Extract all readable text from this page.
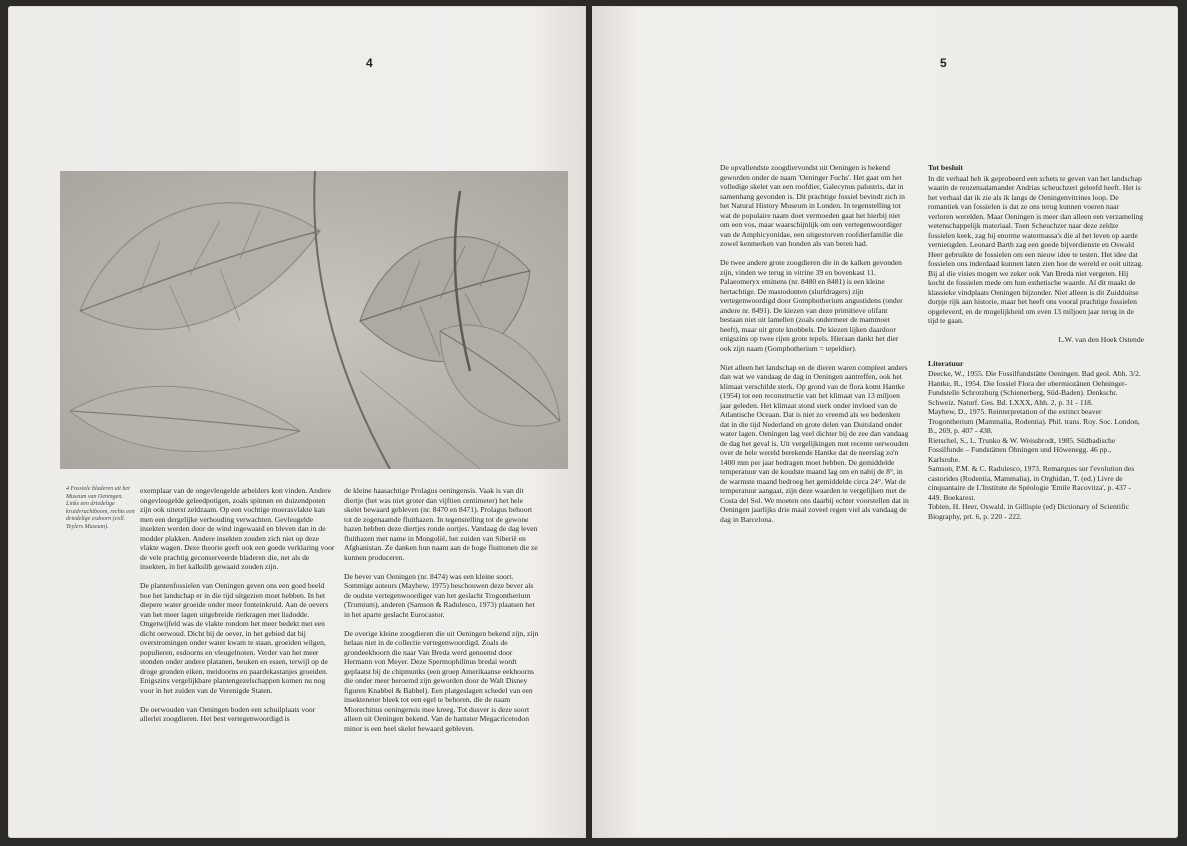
4
4 Fossiele bladeren uit het Museum van Oeningen. Links een driedelige kruidvruchtboom, rechts een driedelige esdoorn (coll. Teylers Museum).

exemplaar van de ongevleugelde arbeiders kon vinden. Andere ongevleugelde geleedpotigen, zoals spinnen en duizendpoten zijn ook uiterst zeldzaam. Op een vochtige moerasvlakte kan men een dergelijke verhouding verwachten. Gevleugelde insekten werden door de wind ingewaaid en bleven dan in de modder plakken. Andere insekten zouden zich niet op deze vlakte wagen. Deze theorie geeft ook een goede verklaring voor de vele prachtig geconserveerde bladeren die, net als de insekten, in het kalkslib gewaaid zouden zijn.

De plantenfossielen van Oeningen geven ons een goed beeld hoe het landschap er in die tijd uitgezien moet hebben. In het diepere water groeide onder meer fonteinkruid. Aan de oevers van het meer lagen uitgebreide rietkragen met lisdodde. Ongetwijfeld was de vlakte rondom het meer bedekt met een dicht oerwoud. Dicht bij de oever, in het gebied dat bij overstromingen onder water kwam te staan, groeiden wilgen, populieren, esdoorns en vleugelnoten. Verder van het meer stonden onder andere platanen, beuken en essen, terwijl op de droge gronden eiken, meidoorns en paardekastanjes groeiden. Enigszins vergelijkbare plantengezelschappen komen nu nog voor in het zuiden van de Verenigde Staten.

De oerwouden van Oeningen boden een schuilplaats voor allerlei zoogdieren. Het best vertegenwoordigd is

de kleine haasachtige Prolagus oeningensis. Vaak is van dit diertje (het was niet groter dan vijftien centimeter) het hele skelet bewaard gebleven (nr. 8470 en 8471). Prolagus behoort tot de zogenaamde fluithazen. In tegenstelling tot de gewone hazen hebben deze diertjes ronde oortjes. Vandaag de dag leven fluithazen met name in Mongolië, het zuiden van Siberië en Afghanistan. Ze danken hun naam aan de hoge fluittonen die ze kunnen produceren.

De bever van Oeningen (nr. 8474) was een kleine soort. Sommige auteurs (Mayhew, 1975) beschouwen deze bever als de oudste vertegenwoordiger van het geslacht Trogontherium (Trumium), anderen (Samson & Radulesco, 1973) plaatsen het in het aparte geslacht Eurocastor.

De overige kleine zoogdieren die uit Oeningen bekend zijn, zijn helaas niet in de collectie vertegenwoordigd. Zoals de grondeekhoorn die naar Van Breda werd genoemd door Hermann von Meyer. Deze Spermophilinus bredai wordt geplaatst bij de chipmunks (een groep Amerikaanse eekhoorns die onder meer beroemd zijn geworden door de Walt Disney figuren Knabbel & Babbel). Een platgeslagen schedel van een insekteneter bleek tot een egel te behoren, die de naam Miorechinus oeningensis mee kreeg. Tot dusver is deze soort alleen uit Oeningen bekend. Van de hamster Megacricetodon minor is een heel skelet bewaard gebleven.

5

De opvallendste zoogdiervondst uit Oeningen is bekend geworden onder de naam 'Oeninger Fuchs'. Het gaat om het volledige skelet van een roofdier, Galecynus palustris, dat in samenhang gevonden is. Dit prachtige fossiel bevindt zich in het Natural History Museum in Londen. In tegenstelling tot wat de populaire naam doet vermoeden gaat het hierbij niet om een vos, maar waarschijnlijk om een vertegenwoordiger van de Amphicyonidae, een uitgestorven roofdierfamilie die zowel kenmerken van honden als van beren had.

De twee andere grote zoogdieren die in de kalken gevonden zijn, vinden we terug in vitrine 39 en bovenkast 11. Palaeomeryx eminens (nr. 8480 en 8481) is een kleine hertachtige. De mastodonten (slurfdragers) zijn vertegenwoordigd door Gomphotherium angustidens (onder andere nr. 8491). De kiezen van deze primitieve olifant bestaan niet uit lamellen (zoals ondermeer de mammoet heeft), maar uit grote knobbels. De kiezen lijken daardoor enigszins op twee rijen grote tepels. Hieraan dankt het dier ook zijn naam (Gomphotherium = tepeldier).

Niet alleen het landschap en de dieren waren compleet anders dan wat we vandaag de dag in Oeningen aantreffen, ook het klimaat verschilde sterk. Op grond van de flora komt Hantke (1954) tot een reconstructie van het klimaat van 13 miljoen jaar geleden. Het klimaat stond sterk onder invloed van de Atlantische Oceaan. Dat is niet zo vreemd als we bedenken dat in die tijd Nederland en grote delen van Duitsland onder water lagen. Oeningen lag veel dichter bij de zee dan vandaag de dag het geval is. Uit vergelijkingen met recente oerwouden over de hele wereld berekende Hantke dat de neerslag zo'n 1400 mm per jaar bedragen moet hebben. De gemiddelde temperatuur van de koudste maand lag om en nabij de 8°, in de warmste maand bedroeg het gemiddelde circa 24°. Wat de temperatuur aangaat, zijn deze waarden te vergelijken met de Costa del Sol. We moeten ons daarbij echter voorstellen dat in Oeningen jaarlijks drie maal zoveel regen viel als vandaag de dag in Barcelona.

Tot besluit

In dit verhaal heb ik geprobeerd een schets te geven van het landschap waarin de reuzensalamander Andrias scheuchzeri geleefd heeft. Het is het verhaal dat ik zie als ik langs de Oeningenvitrines loop. De romantiek van fossielen is dat ze ons terug kunnen voeren naar verloren werelden. Maar Oeningen is meer dan alleen een verzameling wetenschappelijk materiaal. Toen Scheuchzer naar deze zeldze fossielen keek, zag hij enorme watermassa's die al het leven op aarde vernietigden. Leonard Barth zag een goede bijverdienste en Oswald Heer gebruikte de fossielen om een nieuw idee te testen. Het idee dat fossielen ons inderdaad kunnen laten zien hoe de wereld er ooit uitzag. Bij al die visies mogen we zeker ook Van Breda niet vergeten. Hij kocht de fossielen mede om hun esthetische waarde. Al dit maakt de klassieke vindplaats Oeningen bijzonder. Niet alleen is dit Zuidduitse dorpje rijk aan historie, maar het heeft ons vooral prachtige fossielen opgeleverd, en de mogelijkheid om even 13 miljoen jaar terug in de tijd te gaan.

L.W. van den Hoek Ostende
Literatuur

Deecke, W., 1955. Die Fossilfundstätte Oeningen. Bad geol. Abh. 3/2.

Hantke, R., 1954. Die fossiel Flora der obermiozänen Oehninger-Fundstelle Schrotzburg (Schienerberg, Süd-Baden). Denkschr. Schweiz. Naturf. Ges. Bd. LXXX, Abh. 2, p. 31 - 118.

Mayhew, D., 1975. Reinterpretation of the extinct beaver Trogontherium (Mammalia, Rodentia). Phil. trans. Roy. Soc. London, B., 269, p. 407 - 438.

Rietschel, S., L. Trunko & W. Weissbrodt, 1985. Südbadische Fossilfunde – Fundstätten Öhningen und Höwenegg. 46 pp., Karlsruhe.

Samson, P.M. & C. Radulesco, 1973. Remarques sur l'evolution des castorides (Rodentia, Mammalia), in Orghidan, T. (ed.) Livre de cinquantaire de L'Institute de Spéologie 'Emile Racovitza', p. 437 - 449. Boekarest.

Tobien, H. Heer, Oswald. in Gillispie (ed) Dictionary of Scientific Biography, prt. 6, p. 220 - 222.
